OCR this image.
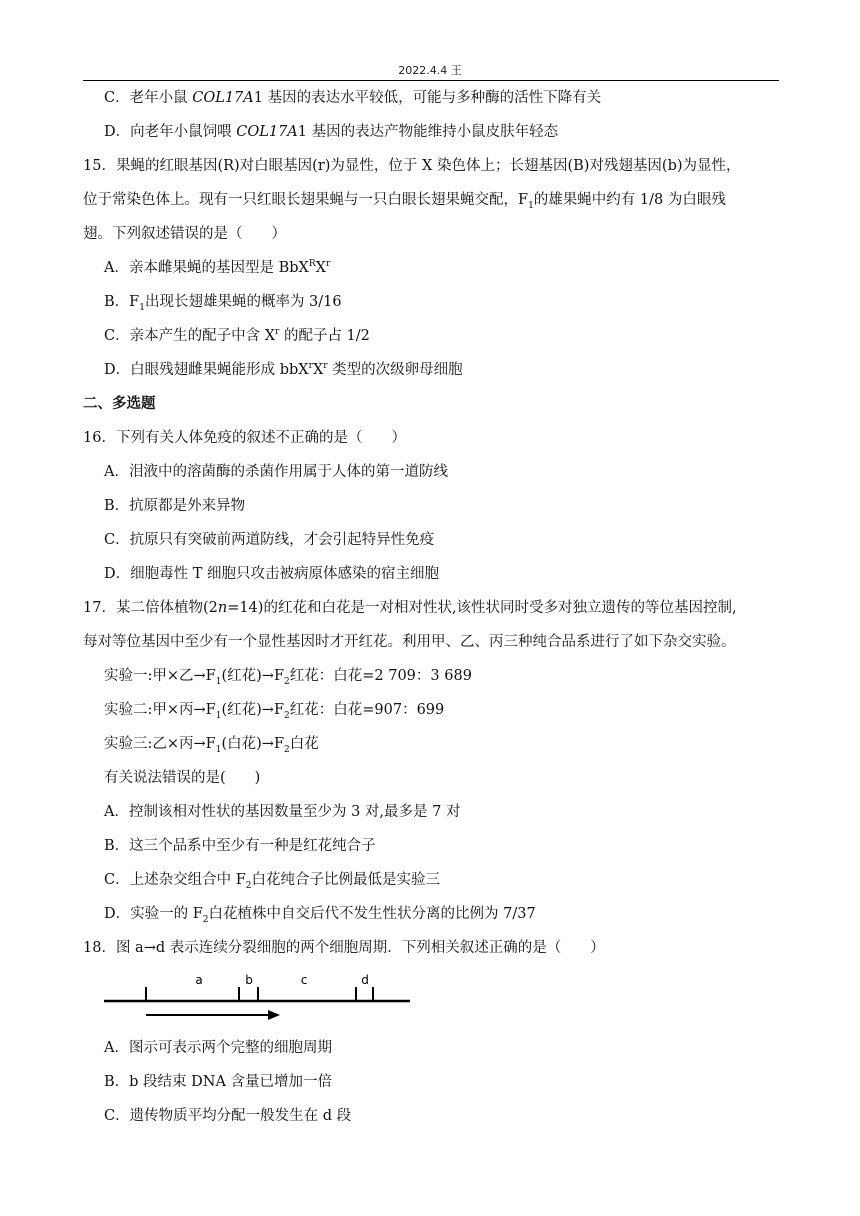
2022.4.4 王
C．老年小鼠 COL17A1 基因的表达水平较低，可能与多种酶的活性下降有关
D．向老年小鼠饲喂 COL17A1 基因的表达产物能维持小鼠皮肤年轻态
15．果蝇的红眼基因(R)对白眼基因(r)为显性，位于 X 染色体上；长翅基因(B)对残翅基因(b)为显性，
位于常染色体上。现有一只红眼长翅果蝇与一只白眼长翅果蝇交配，$F_1$的雄果蝇中约有 1/8 为白眼残
翅。下列叙述错误的是（　　）
A．亲本雌果蝇的基因型是 $BbX^RX^r$
B．$F_1$出现长翅雄果蝇的概率为 3/16
C．亲本产生的配子中含 $X^r$ 的配子占 1/2
D．白眼残翅雌果蝇能形成 $bbX^rX^r$ 类型的次级卵母细胞
二、多选题
16．下列有关人体免疫的叙述不正确的是（　　）
A．泪液中的溶菌酶的杀菌作用属于人体的第一道防线
B．抗原都是外来异物
C．抗原只有突破前两道防线，才会引起特异性免疫
D．细胞毒性 T 细胞只攻击被病原体感染的宿主细胞
17．某二倍体植物(2n=14)的红花和白花是一对相对性状,该性状同时受多对独立遗传的等位基因控制,
每对等位基因中至少有一个显性基因时才开红花。利用甲、乙、丙三种纯合品系进行了如下杂交实验。
实验一:甲×乙$\to F_1$(红花)$\to F_2$红花：白花=2 709：3 689
实验二:甲×丙$\to F_1$(红花)$\to F_2$红花：白花=907：699
实验三:乙×丙$\to F_1$(白花)$\to F_2$白花
有关说法错误的是(　　)
A．控制该相对性状的基因数量至少为 3 对,最多是 7 对
B．这三个品系中至少有一种是红花纯合子
C．上述杂交组合中 $F_2$白花纯合子比例最低是实验三
D．实验一的 $F_2$白花植株中自交后代不发生性状分离的比例为 7/37
18．图 a→d 表示连续分裂细胞的两个细胞周期．下列相关叙述正确的是（　　）
a	b	c	d
A．图示可表示两个完整的细胞周期
B．b 段结束 DNA 含量已增加一倍
C．遗传物质平均分配一般发生在 d 段
